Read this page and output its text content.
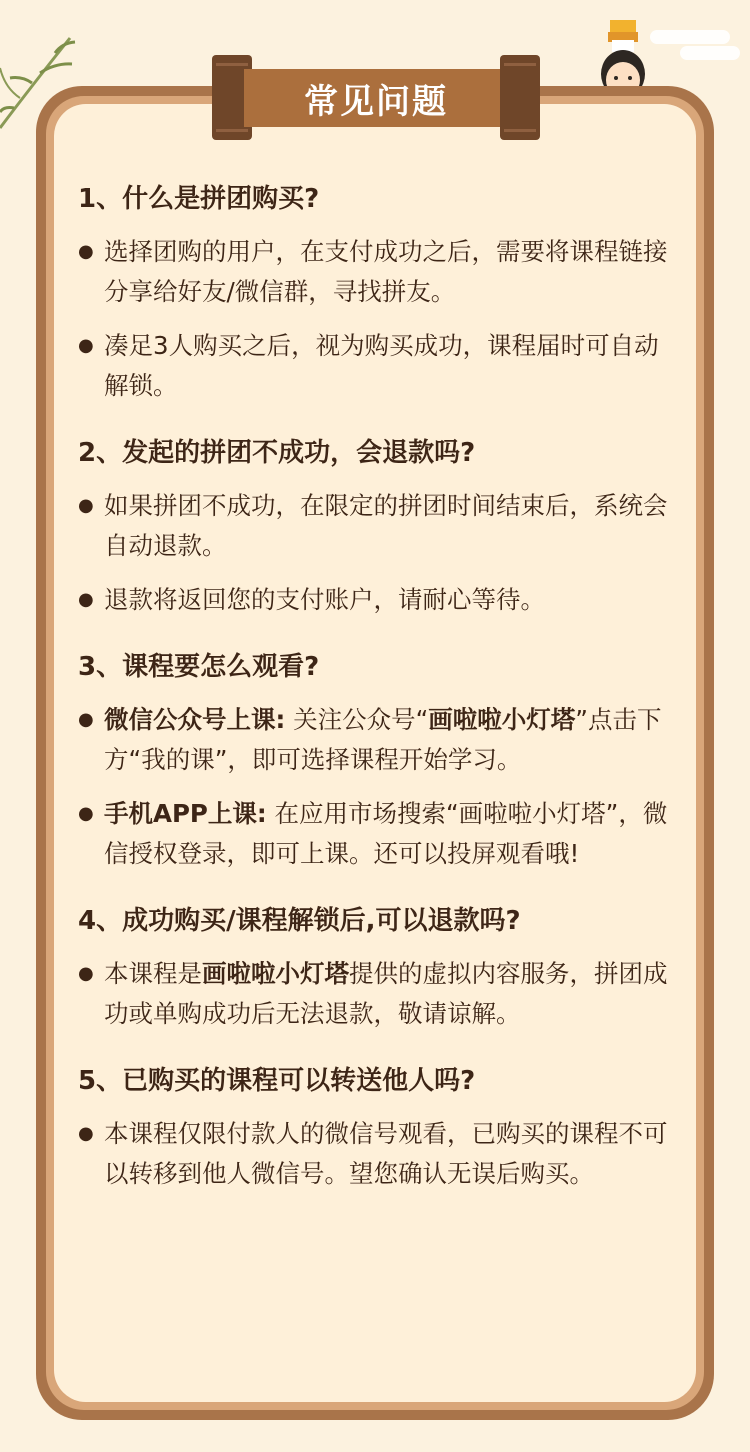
常见问题
1、什么是拼团购买?
● 选择团购的用户，在支付成功之后，需要将课程链接分享给好友/微信群，寻找拼友。
● 凑足3人购买之后，视为购买成功，课程届时可自动解锁。
2、发起的拼团不成功，会退款吗?
● 如果拼团不成功，在限定的拼团时间结束后，系统会自动退款。
● 退款将返回您的支付账户，请耐心等待。
3、课程要怎么观看?
● 微信公众号上课: 关注公众号“画啦啦小灯塔”点击下方“我的课”，即可选择课程开始学习。
● 手机APP上课: 在应用市场搜索“画啦啦小灯塔”，微信授权登录，即可上课。还可以投屏观看哦!
4、成功购买/课程解锁后,可以退款吗?
● 本课程是画啦啦小灯塔提供的虚拟内容服务，拼团成功或单购成功后无法退款，敬请谅解。
5、已购买的课程可以转送他人吗?
● 本课程仅限付款人的微信号观看，已购买的课程不可以转移到他人微信号。望您确认无误后购买。
